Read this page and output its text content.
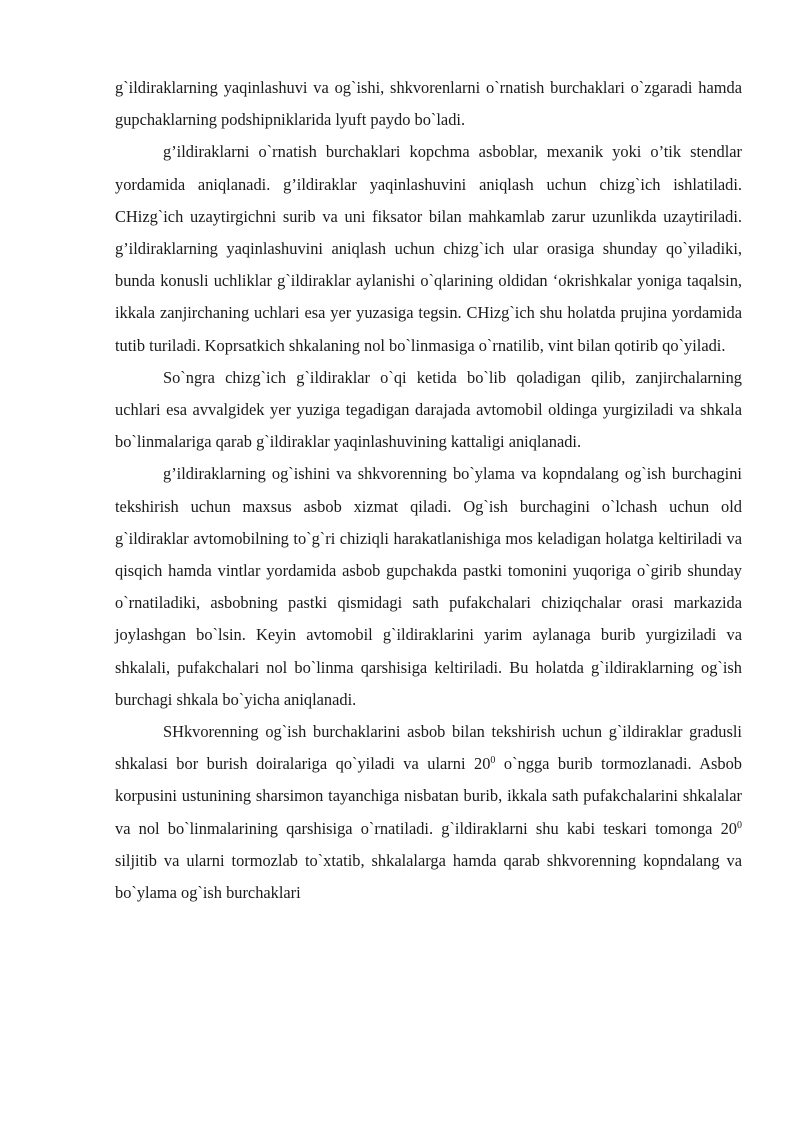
g`ildiraklarning yaqinlashuvi va og`ishi, shkvorenlarni o`rnatish burchaklari o`zgaradi hamda gupchaklarning podshipniklarida lyuft paydo bo`ladi.

g’ildiraklarni o`rnatish burchaklari kopchma asboblar, mexanik yoki o’tik stendlar yordamida aniqlanadi. g’ildiraklar yaqinlashuvini aniqlash uchun chizg`ich ishlatiladi. CHizg`ich uzaytirgichni surib va uni fiksator bilan mahkamlab zarur uzunlikda uzaytiriladi. g’ildiraklarning yaqinlashuvini aniqlash uchun chizg`ich ular orasiga shunday qo`yiladiki, bunda konusli uchliklar g`ildiraklar aylanishi o`qlarining oldidan ‘okrishkalar yoniga taqalsin, ikkala zanjirchaning uchlari esa yer yuzasiga tegsin. CHizg`ich shu holatda prujina yordamida tutib turiladi. Koprsatkich shkalaning nol bo`linmasiga o`rnatilib, vint bilan qotirib qo`yiladi.

So`ngra chizg`ich g`ildiraklar o`qi ketida bo`lib qoladigan qilib, zanjirchalarning uchlari esa avvalgidek yer yuziga tegadigan darajada avtomobil oldinga yurgiziladi va shkala bo`linmalariga qarab g`ildiraklar yaqinlashuvining kattaligi aniqlanadi.

g’ildiraklarning og`ishini va shkvorenning bo`ylama va kopndalang og`ish burchagini tekshirish uchun maxsus asbob xizmat qiladi. Og`ish burchagini o`lchash uchun old g`ildiraklar avtomobilning to`g`ri chiziqli harakatlanishiga mos keladigan holatga keltiriladi va qisqich hamda vintlar yordamida asbob gupchakda pastki tomonini yuqoriga o`girib shunday o`rnatiladiki, asbobning pastki qismidagi sath pufakchalari chiziqchalar orasi markazida joylashgan bo`lsin. Keyin avtomobil g`ildiraklarini yarim aylanaga burib yurgiziladi va shkalali, pufakchalari nol bo`linma qarshisiga keltiriladi. Bu holatda g`ildiraklarning og`ish burchagi shkala bo`yicha aniqlanadi.

SHkvorenning og`ish burchaklarini asbob bilan tekshirish uchun g`ildiraklar gradusli shkalasi bor burish doiralariga qo`yiladi va ularni $20^0$ o`ngga burib tormozlanadi. Asbob korpusini ustunining sharsimon tayanchiga nisbatan burib, ikkala sath pufakchalarini shkalalar va nol bo`linmalarining qarshisiga o`rnatiladi. g`ildiraklarni shu kabi teskari tomonga $20^0$ siljitib va ularni tormozlab to`xtatib, shkalalarga hamda qarab shkvorenning kopndalang va bo`ylama og`ish burchaklari
